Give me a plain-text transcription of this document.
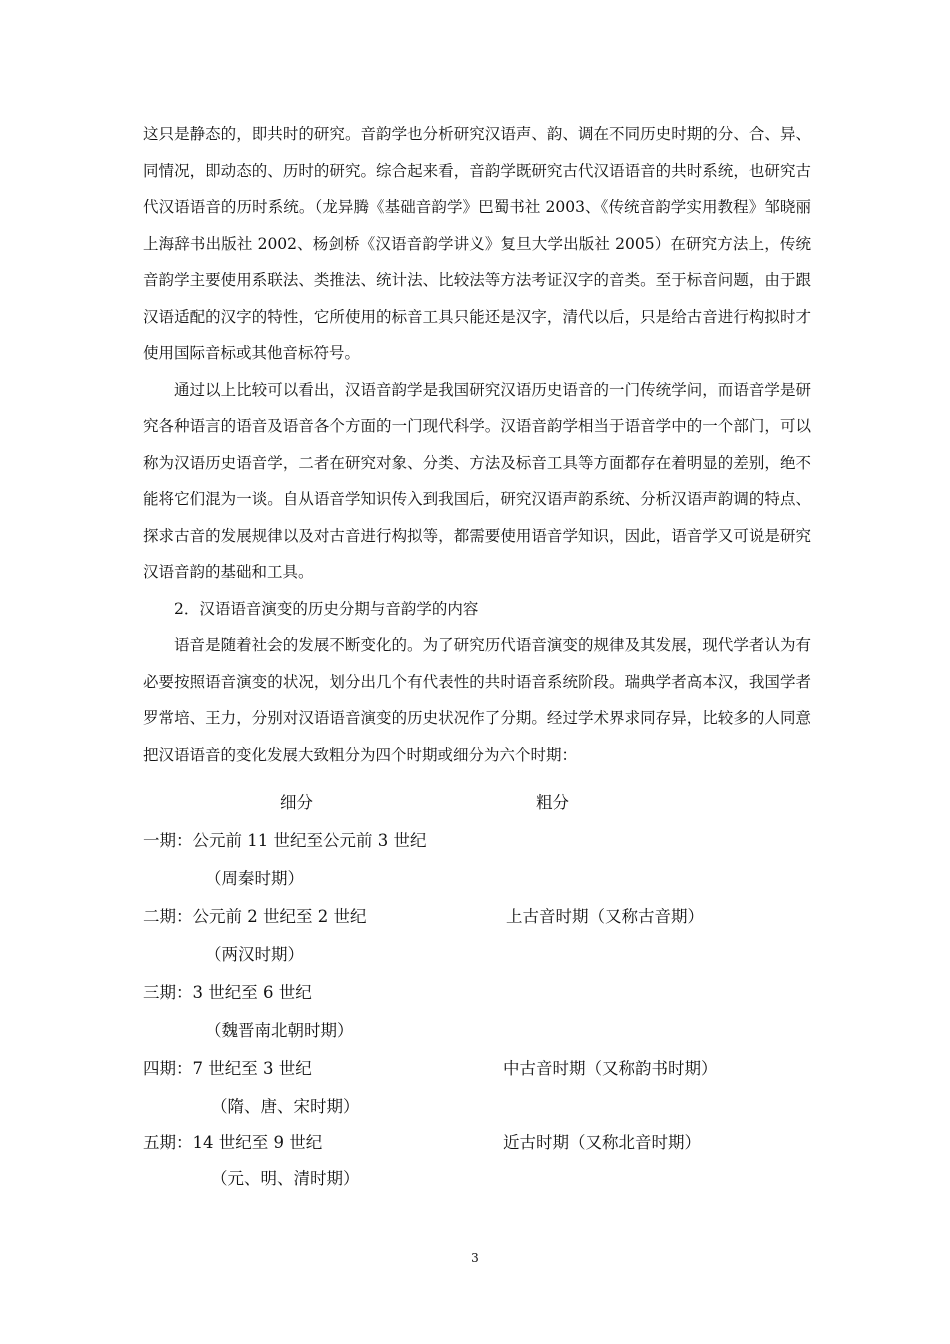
这只是静态的，即共时的研究。音韵学也分析研究汉语声、韵、调在不同历史时期的分、合、异、同情况，即动态的、历时的研究。综合起来看，音韵学既研究古代汉语语音的共时系统，也研究古代汉语语音的历时系统。（龙异腾《基础音韵学》巴蜀书社 2003、《传统音韵学实用教程》邹晓丽上海辞书出版社 2002、杨剑桥《汉语音韵学讲义》复旦大学出版社 2005）在研究方法上，传统音韵学主要使用系联法、类推法、统计法、比较法等方法考证汉字的音类。至于标音问题，由于跟汉语适配的汉字的特性，它所使用的标音工具只能还是汉字，清代以后，只是给古音进行构拟时才使用国际音标或其他音标符号。

通过以上比较可以看出，汉语音韵学是我国研究汉语历史语音的一门传统学问，而语音学是研究各种语言的语音及语音各个方面的一门现代科学。汉语音韵学相当于语音学中的一个部门，可以称为汉语历史语音学，二者在研究对象、分类、方法及标音工具等方面都存在着明显的差别，绝不能将它们混为一谈。自从语音学知识传入到我国后，研究汉语声韵系统、分析汉语声韵调的特点、探求古音的发展规律以及对古音进行构拟等，都需要使用语音学知识，因此，语音学又可说是研究汉语音韵的基础和工具。

2．汉语语音演变的历史分期与音韵学的内容

语音是随着社会的发展不断变化的。为了研究历代语音演变的规律及其发展，现代学者认为有必要按照语音演变的状况，划分出几个有代表性的共时语音系统阶段。瑞典学者高本汉，我国学者罗常培、王力，分别对汉语语音演变的历史状况作了分期。经过学术界求同存异，比较多的人同意把汉语语音的变化发展大致粗分为四个时期或细分为六个时期：

细分	粗分
一期：公元前 11 世纪至公元前 3 世纪
（周秦时期）
二期：公元前 2 世纪至 2 世纪	上古音时期（又称古音期）
（两汉时期）
三期：3 世纪至 6 世纪
（魏晋南北朝时期）
四期：7 世纪至 3 世纪	中古音时期（又称韵书时期）
（隋、唐、宋时期）
五期：14 世纪至 9 世纪	近古时期（又称北音时期）
（元、明、清时期）
3
